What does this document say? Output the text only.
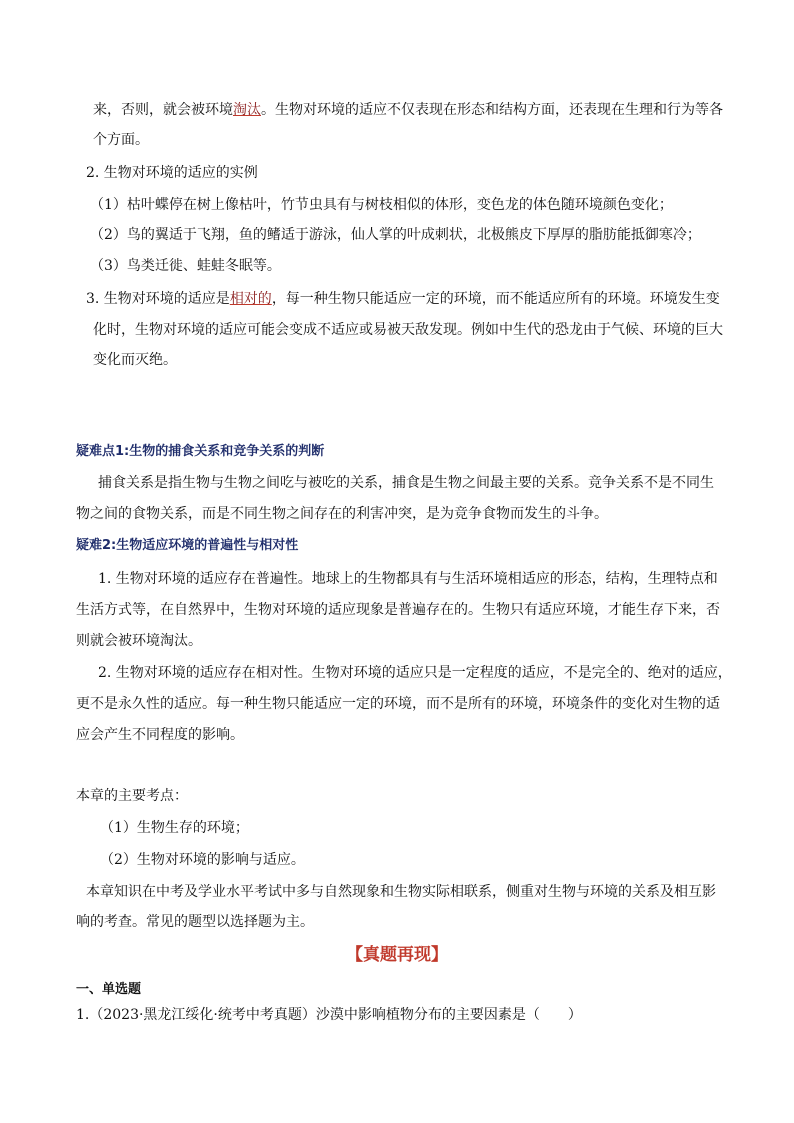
来，否则，就会被环境淘汰。生物对环境的适应不仅表现在形态和结构方面，还表现在生理和行为等各
个方面。
2. 生物对环境的适应的实例
（1）枯叶蝶停在树上像枯叶，竹节虫具有与树枝相似的体形，变色龙的体色随环境颜色变化；
（2）鸟的翼适于飞翔，鱼的鳍适于游泳，仙人掌的叶成刺状，北极熊皮下厚厚的脂肪能抵御寒冷；
（3）鸟类迁徙、蛙蛙冬眠等。
3. 生物对环境的适应是相对的，每一种生物只能适应一定的环境，而不能适应所有的环境。环境发生变
化时，生物对环境的适应可能会变成不适应或易被天敌发现。例如中生代的恐龙由于气候、环境的巨大
变化而灭绝。
疑难点1:生物的捕食关系和竞争关系的判断
捕食关系是指生物与生物之间吃与被吃的关系，捕食是生物之间最主要的关系。竞争关系不是不同生
物之间的食物关系，而是不同生物之间存在的利害冲突，是为竞争食物而发生的斗争。
疑难2:生物适应环境的普遍性与相对性
1. 生物对环境的适应存在普遍性。地球上的生物都具有与生活环境相适应的形态，结构，生理特点和
生活方式等，在自然界中，生物对环境的适应现象是普遍存在的。生物只有适应环境，才能生存下来，否
则就会被环境淘汰。
2. 生物对环境的适应存在相对性。生物对环境的适应只是一定程度的适应，不是完全的、绝对的适应，
更不是永久性的适应。每一种生物只能适应一定的环境，而不是所有的环境，环境条件的变化对生物的适
应会产生不同程度的影响。
本章的主要考点：
（1）生物生存的环境；
（2）生物对环境的影响与适应。
本章知识在中考及学业水平考试中多与自然现象和生物实际相联系，侧重对生物与环境的关系及相互影
响的考查。常见的题型以选择题为主。
【真题再现】
一、单选题
1.（2023·黑龙江绥化·统考中考真题）沙漠中影响植物分布的主要因素是（　　）
